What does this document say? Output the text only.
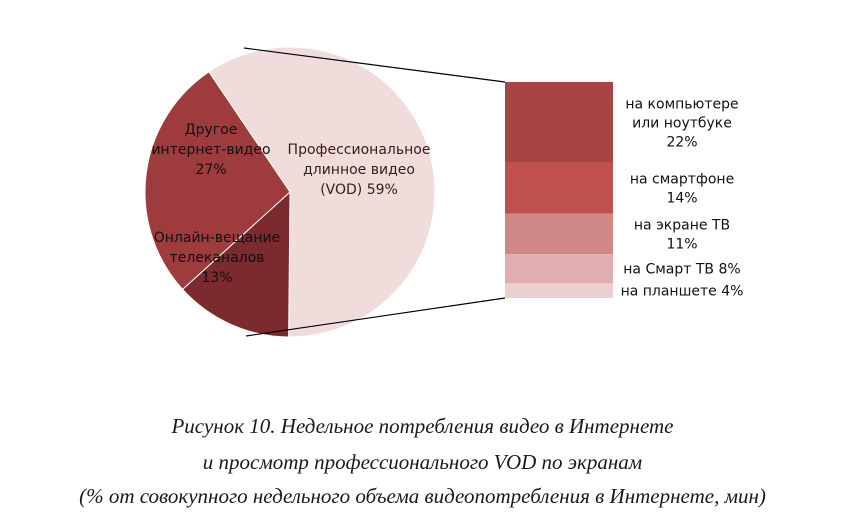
Профессиональное длинное видео (VOD) 59%
Онлайн-вещание телеканалов 13%
Другое интернет-видео 27%
на компьютере или ноутбуке 22%
на смартфоне 14%
на экране ТВ 11%
на Смарт ТВ 8%
на планшете 4%
Рисунок 10. Недельное потребления видео в Интернете
и просмотр профессионального VOD по экранам
(% от совокупного недельного объема видеопотребления в Интернете, мин)
